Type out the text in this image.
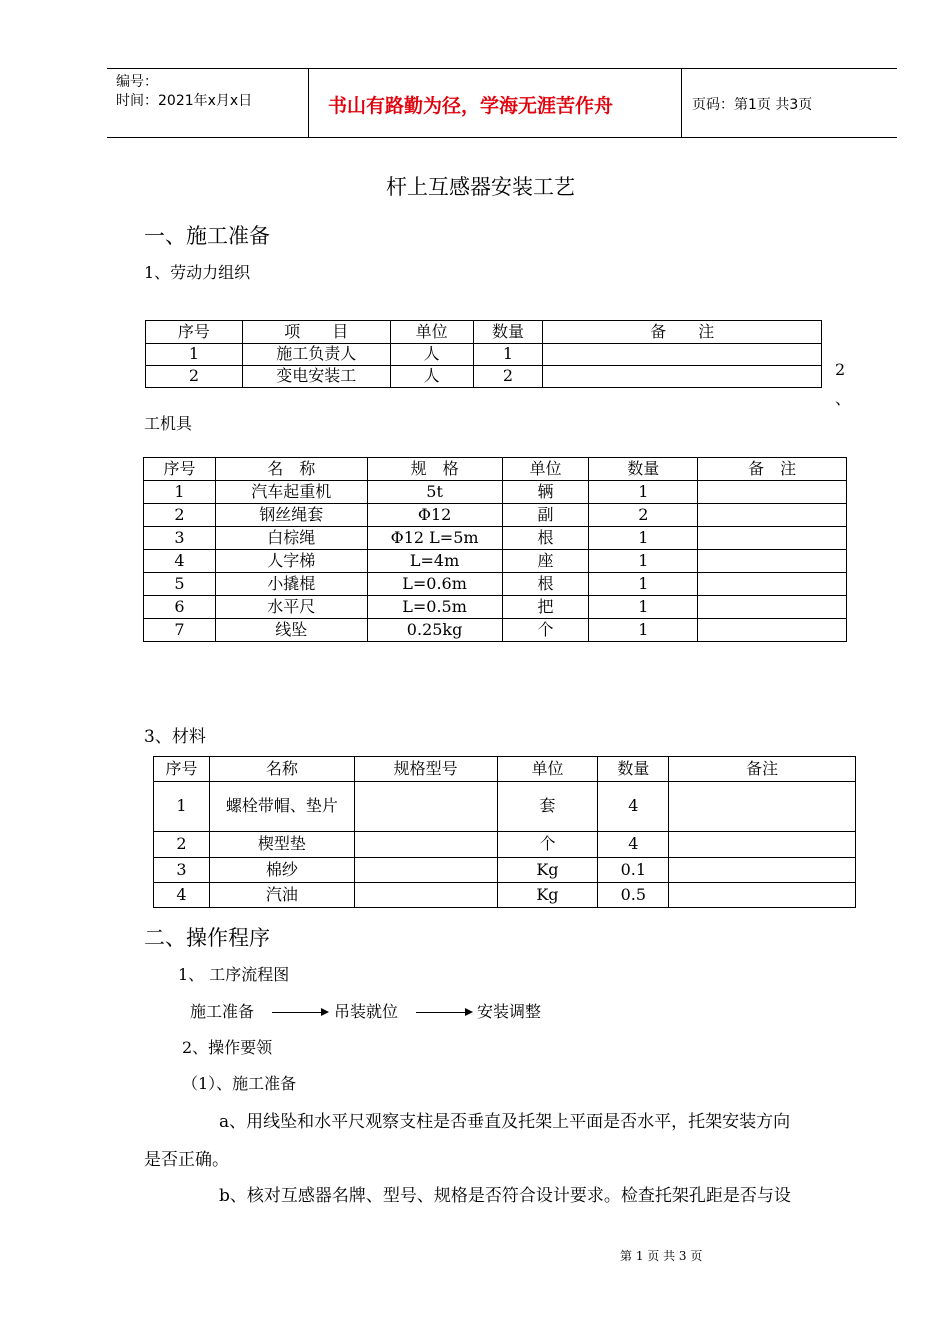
编号：
时间：2021年x月x日	书山有路勤为径，学海无涯苦作舟	页码：第1页 共3页
杆上互感器安装工艺
一、施工准备
1、劳动力组织
序号	项　　目	单位	数量	备　　注
1	施工负责人	人	1	
2	变电安装工	人	2		2
、
工机具
序号	名　称	规　格	单位	数量	备　注
1	汽车起重机	5t	辆	1	
2	钢丝绳套	Φ12	副	2	
3	白棕绳	Φ12 L=5m	根	1	
4	人字梯	L=4m	座	1	
5	小撬棍	L=0.6m	根	1	
6	水平尺	L=0.5m	把	1	
7	线坠	0.25kg	个	1	
3、材料
序号	名称	规格型号	单位	数量	备注
1	螺栓带帽、垫片		套	4	
2	楔型垫		个	4	
3	棉纱		Kg	0.1	
4	汽油		Kg	0.5	
二、操作程序
1、 工序流程图
施工准备	吊装就位	安装调整
2、操作要领
（1）、施工准备
a、用线坠和水平尺观察支柱是否垂直及托架上平面是否水平，托架安装方向
是否正确。
b、核对互感器名牌、型号、规格是否符合设计要求。检查托架孔距是否与设
第 1 页 共 3 页
